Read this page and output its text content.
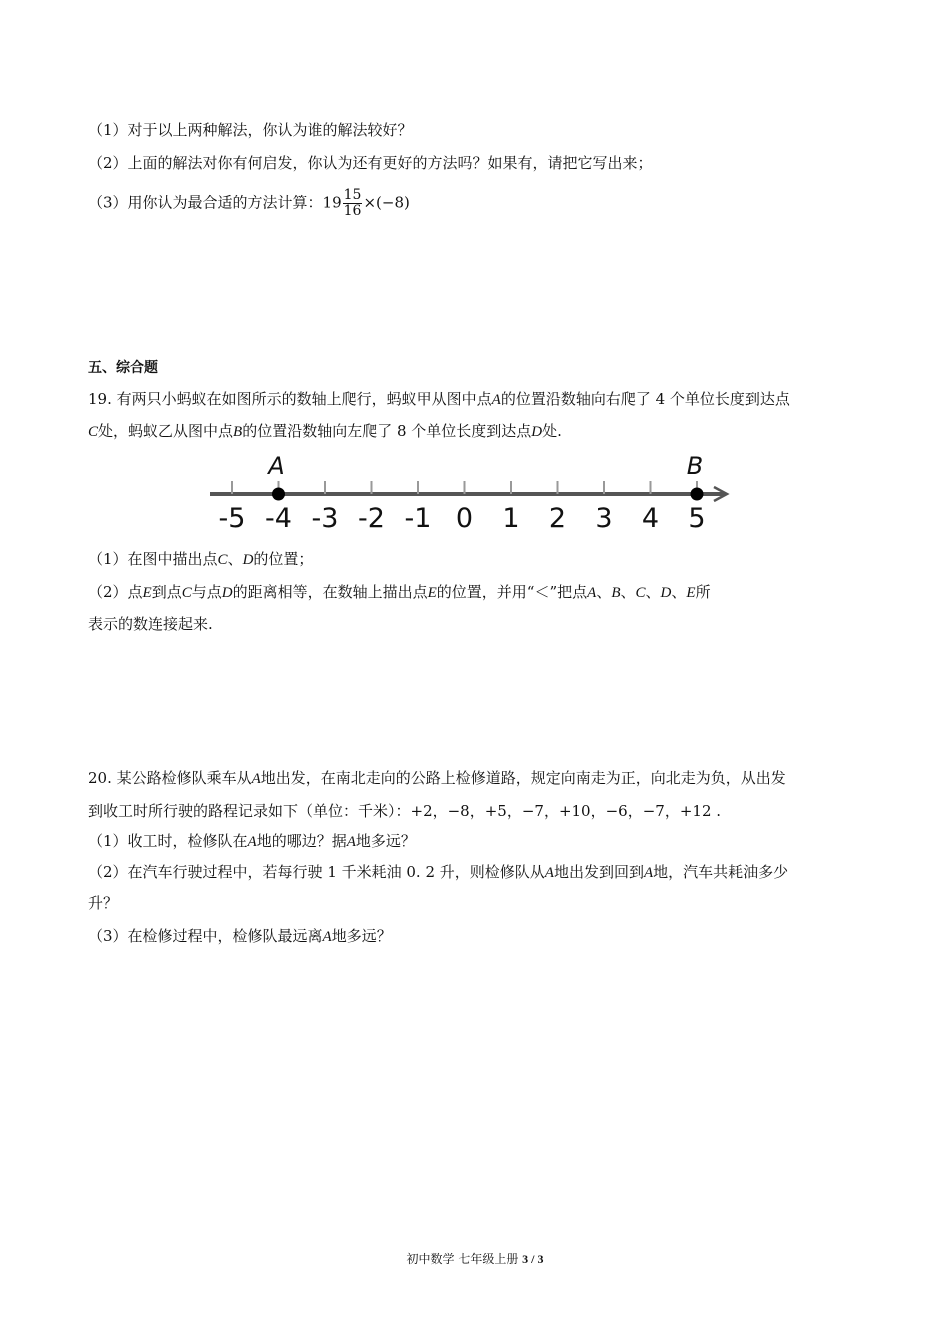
（1）对于以上两种解法，你认为谁的解法较好？
（2）上面的解法对你有何启发，你认为还有更好的方法吗？如果有，请把它写出来；
（3）用你认为最合适的方法计算：$19 \frac{15}{16} \times(-8)$
五、综合题
19. 有两只小蚂蚁在如图所示的数轴上爬行，蚂蚁甲从图中点A的位置沿数轴向右爬了 4 个单位长度到达点
C处，蚂蚁乙从图中点B的位置沿数轴向左爬了 8 个单位长度到达点D处.
-5 -4 -3 -2 -1 0 1 2 3 4 5
A	B
（1）在图中描出点C、D的位置；
（2）点E到点C与点D的距离相等，在数轴上描出点E的位置，并用“＜”把点A、B、C、D、E所
表示的数连接起来.
20. 某公路检修队乘车从A地出发，在南北走向的公路上检修道路，规定向南走为正，向北走为负，从出发
到收工时所行驶的路程记录如下（单位：千米）：+2，−8，+5，−7，+10，−6，−7，+12 .
（1）收工时，检修队在A地的哪边？据A地多远？
（2）在汽车行驶过程中，若每行驶 1 千米耗油 0. 2 升，则检修队从A地出发到回到A地，汽车共耗油多少
升？
（3）在检修过程中，检修队最远离A地多远？
初中数学 七年级上册 3 / 3
